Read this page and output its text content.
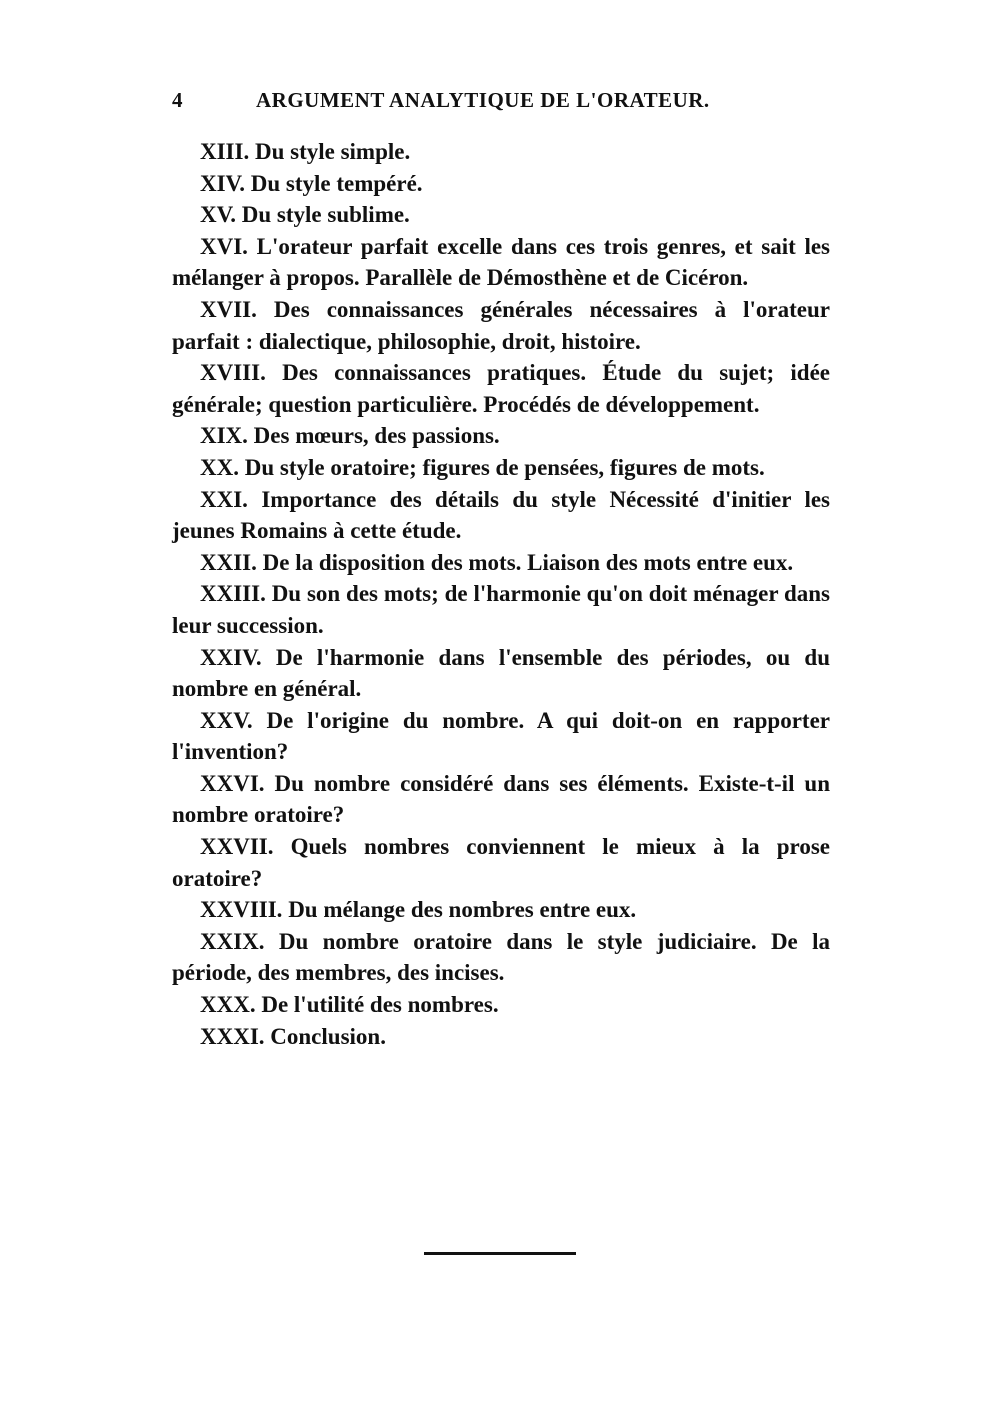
4	ARGUMENT ANALYTIQUE DE L'ORATEUR.
XIII. Du style simple.
XIV. Du style tempéré.
XV. Du style sublime.
XVI. L'orateur parfait excelle dans ces trois genres, et sait les mélanger à propos. Parallèle de Démosthène et de Cicéron.
XVII. Des connaissances générales nécessaires à l'orateur parfait : dialectique, philosophie, droit, histoire.
XVIII. Des connaissances pratiques. Étude du sujet; idée générale; question particulière. Procédés de développement.
XIX. Des mœurs, des passions.
XX. Du style oratoire; figures de pensées, figures de mots.
XXI. Importance des détails du style Nécessité d'initier les jeunes Romains à cette étude.
XXII. De la disposition des mots. Liaison des mots entre eux.
XXIII. Du son des mots; de l'harmonie qu'on doit ménager dans leur succession.
XXIV. De l'harmonie dans l'ensemble des périodes, ou du nombre en général.
XXV. De l'origine du nombre. A qui doit-on en rapporter l'invention?
XXVI. Du nombre considéré dans ses éléments. Existe-t-il un nombre oratoire?
XXVII. Quels nombres conviennent le mieux à la prose oratoire?
XXVIII. Du mélange des nombres entre eux.
XXIX. Du nombre oratoire dans le style judiciaire. De la période, des membres, des incises.
XXX. De l'utilité des nombres.
XXXI. Conclusion.
